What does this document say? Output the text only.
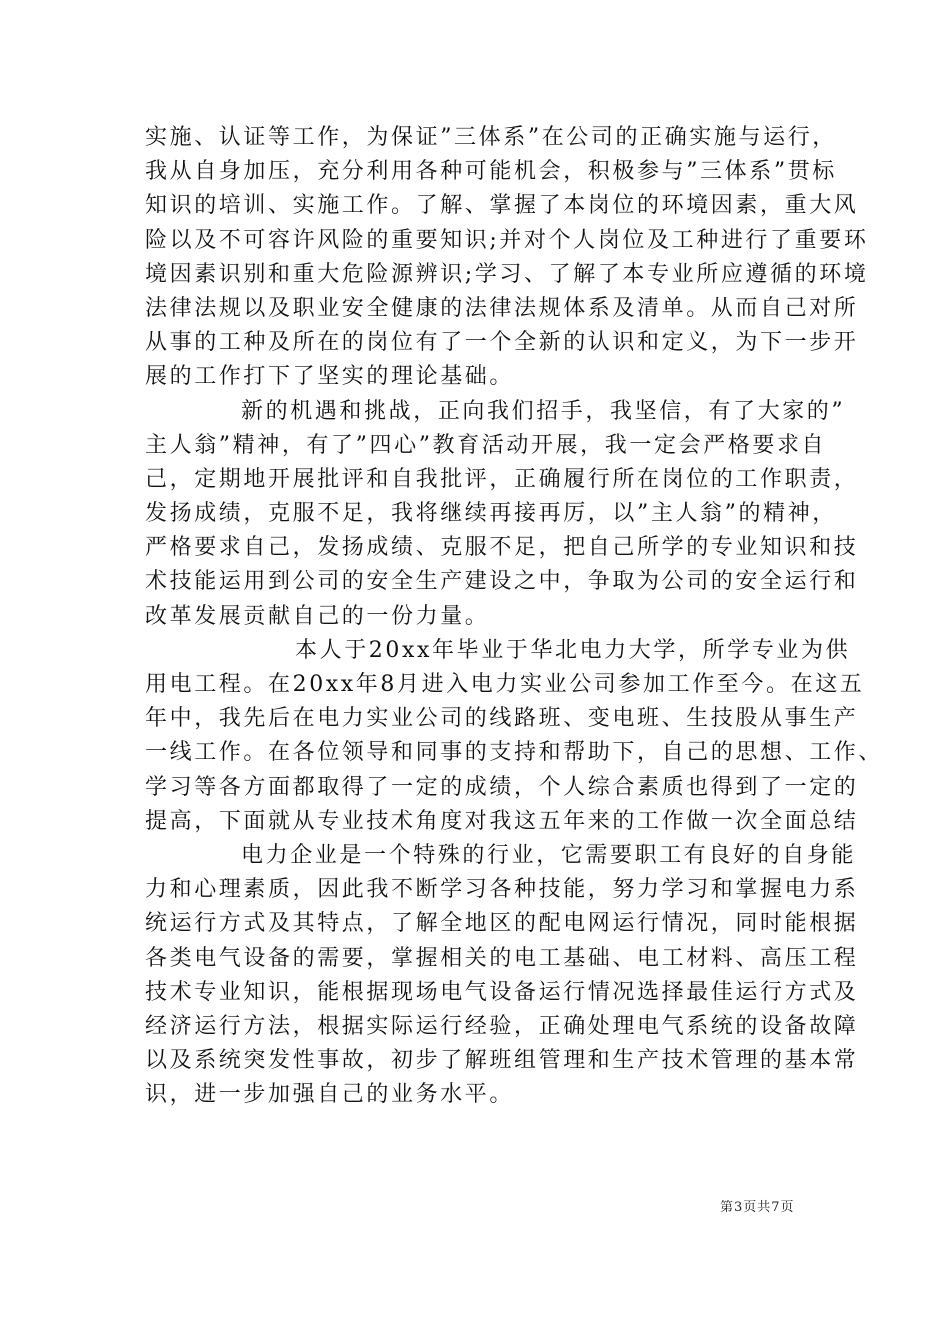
实施、认证等工作，为保证”三体系”在公司的正确实施与运行，
我从自身加压，充分利用各种可能机会，积极参与”三体系”贯标
知识的培训、实施工作。了解、掌握了本岗位的环境因素，重大风
险以及不可容许风险的重要知识;并对个人岗位及工种进行了重要环
境因素识别和重大危险源辨识;学习、了解了本专业所应遵循的环境
法律法规以及职业安全健康的法律法规体系及清单。从而自己对所
从事的工种及所在的岗位有了一个全新的认识和定义，为下一步开
展的工作打下了坚实的理论基础。
新的机遇和挑战，正向我们招手，我坚信，有了大家的”
主人翁”精神，有了”四心”教育活动开展，我一定会严格要求自
己，定期地开展批评和自我批评，正确履行所在岗位的工作职责，
发扬成绩，克服不足，我将继续再接再厉，以”主人翁”的精神，
严格要求自己，发扬成绩、克服不足，把自己所学的专业知识和技
术技能运用到公司的安全生产建设之中，争取为公司的安全运行和
改革发展贡献自己的一份力量。
本人于20xx年毕业于华北电力大学，所学专业为供
用电工程。在20xx年8月进入电力实业公司参加工作至今。在这五
年中，我先后在电力实业公司的线路班、变电班、生技股从事生产
一线工作。在各位领导和同事的支持和帮助下，自己的思想、工作、
学习等各方面都取得了一定的成绩，个人综合素质也得到了一定的
提高，下面就从专业技术角度对我这五年来的工作做一次全面总结
电力企业是一个特殊的行业，它需要职工有良好的自身能
力和心理素质，因此我不断学习各种技能，努力学习和掌握电力系
统运行方式及其特点，了解全地区的配电网运行情况，同时能根据
各类电气设备的需要，掌握相关的电工基础、电工材料、高压工程
技术专业知识，能根据现场电气设备运行情况选择最佳运行方式及
经济运行方法，根据实际运行经验，正确处理电气系统的设备故障
以及系统突发性事故，初步了解班组管理和生产技术管理的基本常
识，进一步加强自己的业务水平。
第3页共7页
